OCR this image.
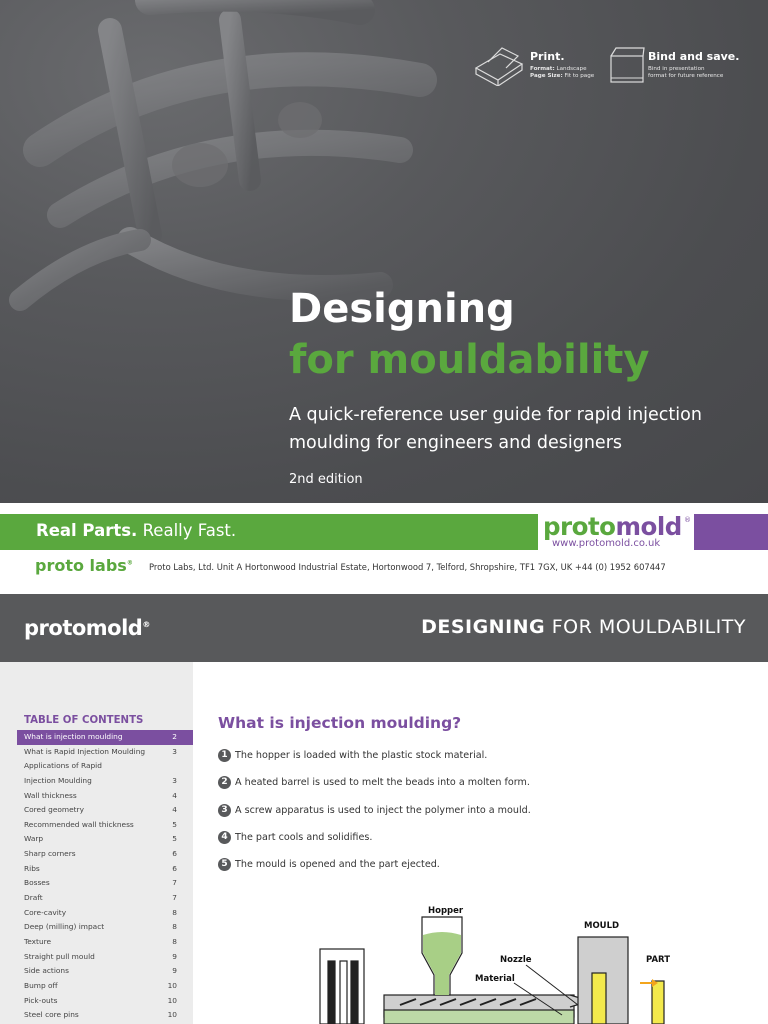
Print.
Format: Landscape
Page Size: Fit to page
Bind and save.
Bind in presentation
format for future reference
Designing
for mouldability
A quick-reference user guide for rapid injection moulding for engineers and designers
2nd edition
Real Parts. Really Fast.	protomold ®
www.protomold.co.uk
proto labs® Proto Labs, Ltd. Unit A Hortonwood Industrial Estate, Hortonwood 7, Telford, Shropshire, TF1 7GX, UK +44 (0) 1952 607447
protomold®	DESIGNING FOR MOULDABILITY
TABLE OF CONTENTS
What is injection moulding	2
What is Rapid Injection Moulding	3
Applications of Rapid
Injection Moulding	3
Wall thickness	4
Cored geometry	4
Recommended wall thickness	5
Warp	5
Sharp corners	6
Ribs	6
Bosses	7
Draft	7
Core-cavity	8
Deep (milling) impact	8
Texture	8
Straight pull mould	9
Side actions	9
Bump off	10
Pick-outs	10
Steel core pins	10
What is injection moulding?
1 The hopper is loaded with the plastic stock material.
2 A heated barrel is used to melt the beads into a molten form.
3 A screw apparatus is used to inject the polymer into a mould.
4 The part cools and solidifies.
5 The mould is opened and the part ejected.
Hopper
MOULD
Nozzle	PART
Material
